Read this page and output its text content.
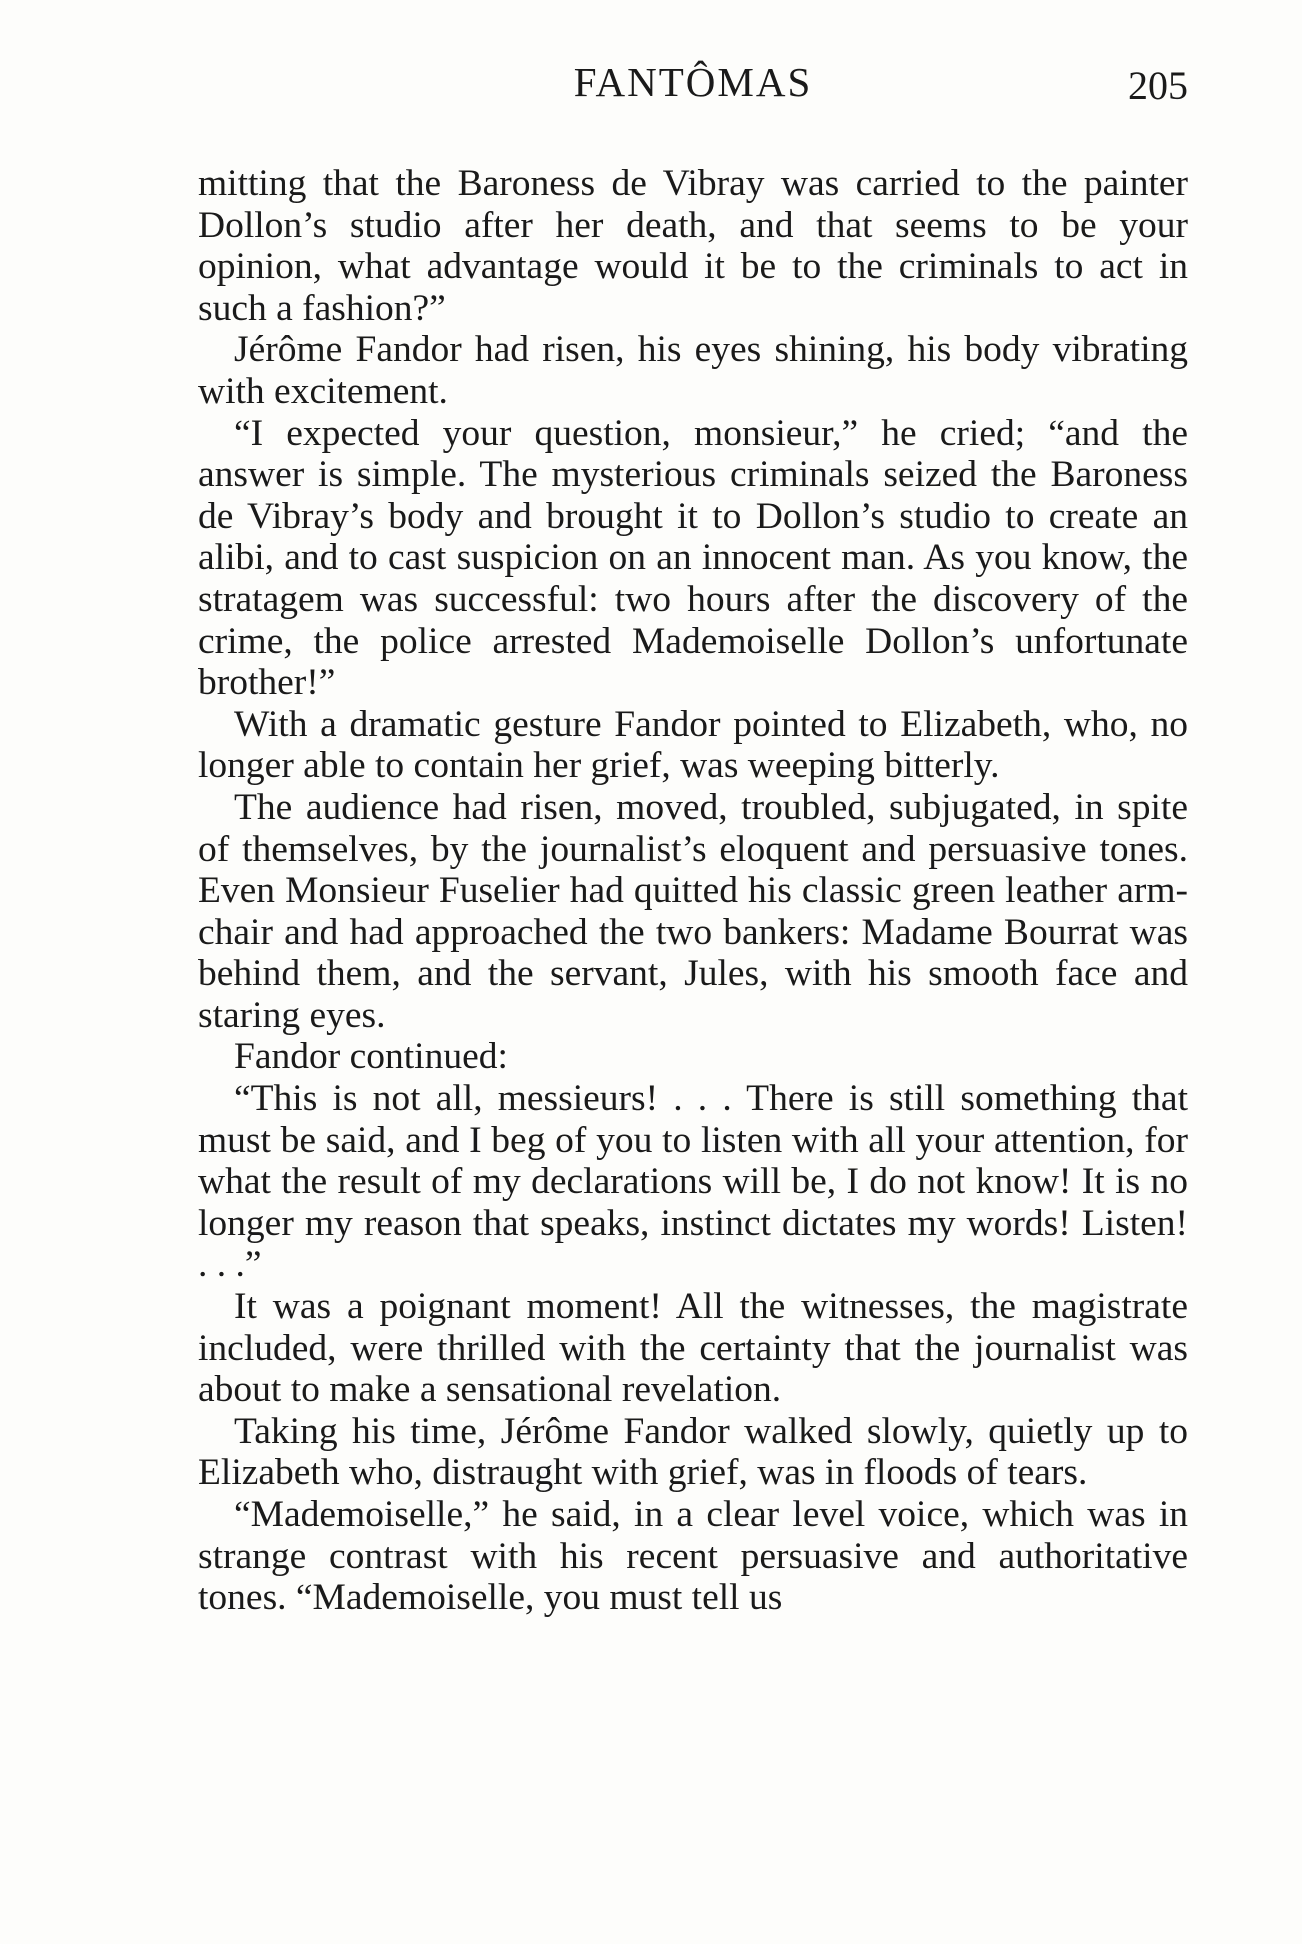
FANTÔMAS	205

mitting that the Baroness de Vibray was carried to the painter Dollon’s studio after her death, and that seems to be your opinion, what advantage would it be to the criminals to act in such a fashion?”

Jérôme Fandor had risen, his eyes shining, his body vibrating with excitement.

“I expected your question, monsieur,” he cried; “and the answer is simple. The mysterious criminals seized the Baroness de Vibray’s body and brought it to Dollon’s studio to create an alibi, and to cast suspicion on an innocent man. As you know, the stratagem was successful: two hours after the discovery of the crime, the police arrested Mademoiselle Dollon’s unfortunate brother!”

With a dramatic gesture Fandor pointed to Elizabeth, who, no longer able to contain her grief, was weeping bitterly.

The audience had risen, moved, troubled, subjugated, in spite of themselves, by the journalist’s eloquent and persuasive tones. Even Monsieur Fuselier had quitted his classic green leather arm-chair and had approached the two bankers: Madame Bourrat was behind them, and the servant, Jules, with his smooth face and staring eyes.

Fandor continued:

“This is not all, messieurs! . . . There is still something that must be said, and I beg of you to listen with all your attention, for what the result of my declarations will be, I do not know! It is no longer my reason that speaks, instinct dictates my words! Listen! . . .”

It was a poignant moment! All the witnesses, the magistrate included, were thrilled with the certainty that the journalist was about to make a sensational revelation.

Taking his time, Jérôme Fandor walked slowly, quietly up to Elizabeth who, distraught with grief, was in floods of tears.

“Mademoiselle,” he said, in a clear level voice, which was in strange contrast with his recent persuasive and authoritative tones. “Mademoiselle, you must tell us
